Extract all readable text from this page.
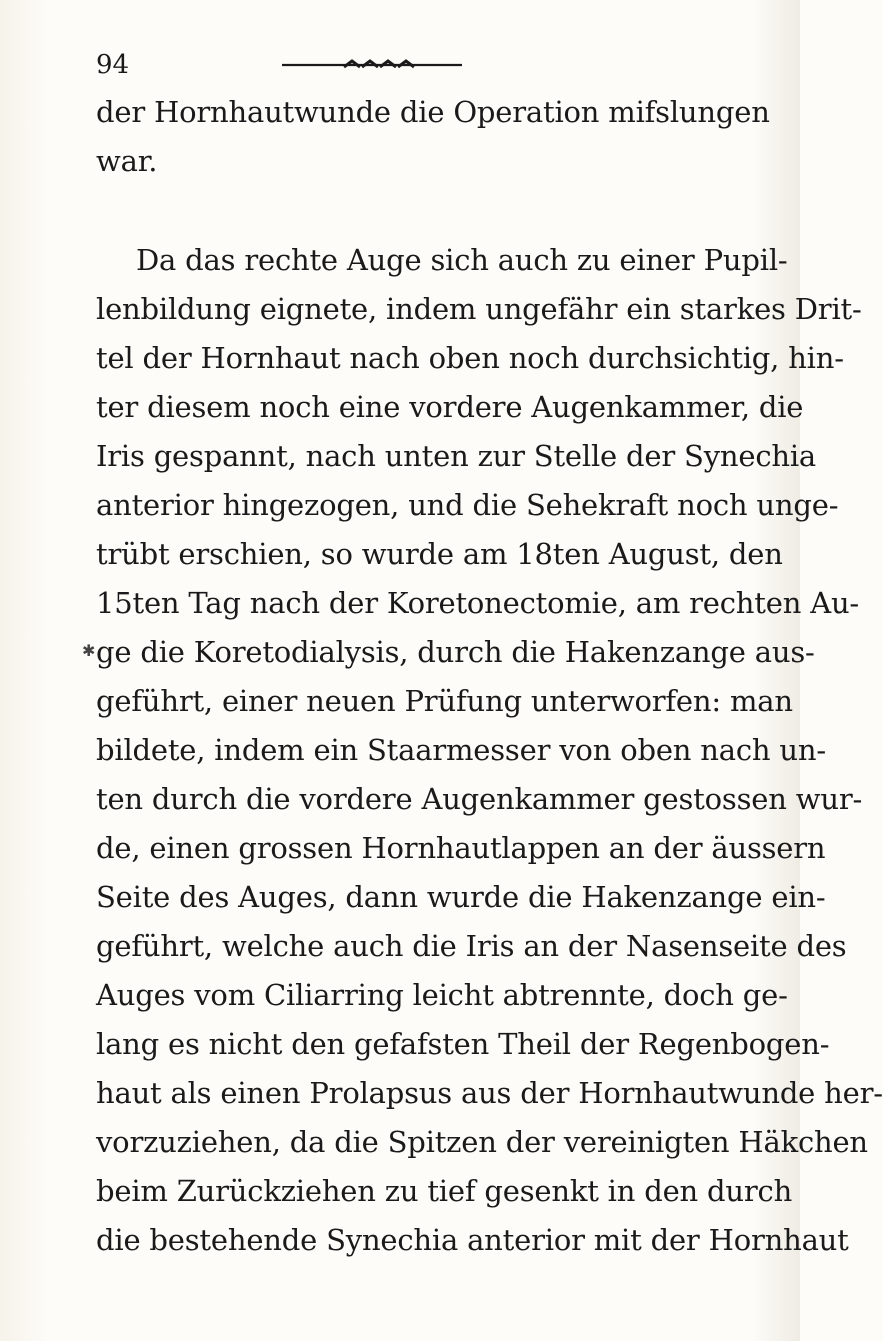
94
✱
der Hornhautwunde die Operation mifslungen
war.
Da das rechte Auge sich auch zu einer Pupil-
lenbildung eignete, indem ungefähr ein starkes Drit-
tel der Hornhaut nach oben noch durchsichtig, hin-
ter diesem noch eine vordere Augenkammer, die
Iris gespannt, nach unten zur Stelle der Synechia
anterior hingezogen, und die Sehekraft noch unge-
trübt erschien, so wurde am 18ten August, den
15ten Tag nach der Koretonectomie, am rechten Au-
ge die Koretodialysis, durch die Hakenzange aus-
geführt, einer neuen Prüfung unterworfen: man
bildete, indem ein Staarmesser von oben nach un-
ten durch die vordere Augenkammer gestossen wur-
de, einen grossen Hornhautlappen an der äussern
Seite des Auges, dann wurde die Hakenzange ein-
geführt, welche auch die Iris an der Nasenseite des
Auges vom Ciliarring leicht abtrennte, doch ge-
lang es nicht den gefafsten Theil der Regenbogen-
haut als einen Prolapsus aus der Hornhautwunde her-
vorzuziehen, da die Spitzen der vereinigten Häkchen
beim Zurückziehen zu tief gesenkt in den durch
die bestehende Synechia anterior mit der Hornhaut
